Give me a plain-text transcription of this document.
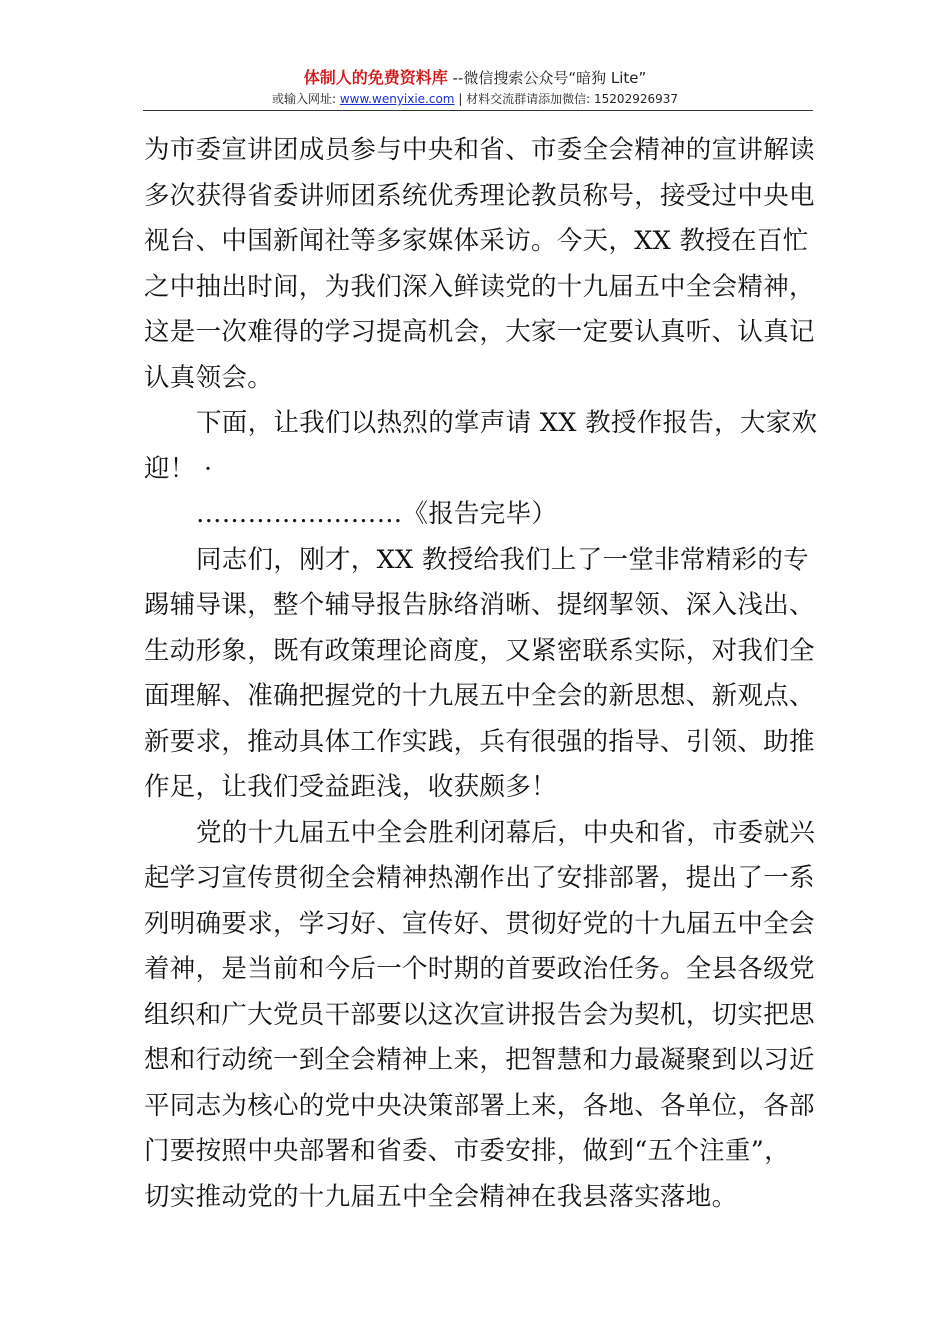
体制人的免费资料库 --微信搜索公众号“暗狗 Lite”
或输入网址: www.wenyixie.com | 材料交流群请添加微信: 15202926937
为市委宣讲团成员参与中央和省、市委全会精神的宣讲解读
多次获得省委讲师团系统优秀理论教员称号，接受过中央电
视台、中国新闻社等多家媒体采访。今天，XX 教授在百忙
之中抽出时间，为我们深入鲜读党的十九届五中全会精神，
这是一次难得的学习提高机会，大家一定要认真听、认真记
认真领会。
下面，让我们以热烈的掌声请 XX 教授作报告，大家欢
迎！ ·
……………………《报告完毕）
同志们，刚才，XX 教授给我们上了一堂非常精彩的专
踢辅导课，整个辅导报告脉络消晰、提纲挈领、深入浅出、
生动形象，既有政策理论商度，又紧密联系实际，对我们全
面理解、准确把握党的十九展五中全会的新思想、新观点、
新要求，推动具体工作实践，兵有很强的指导、引领、助推
作足，让我们受益距浅，收获颇多！
党的十九届五中全会胜利闭幕后，中央和省，市委就兴
起学习宣传贯彻全会精神热潮作出了安排部署，提出了一系
列明确要求，学习好、宣传好、贯彻好党的十九届五中全会
着神，是当前和今后一个时期的首要政治任务。全县各级党
组织和广大党员干部要以这次宣讲报告会为契机，切实把思
想和行动统一到全会精神上来，把智慧和力最凝聚到以习近
平同志为核心的党中央决策部署上来，各地、各单位，各部
门要按照中央部署和省委、市委安排，做到“五个注重”，
切实推动党的十九届五中全会精神在我县落实落地。
